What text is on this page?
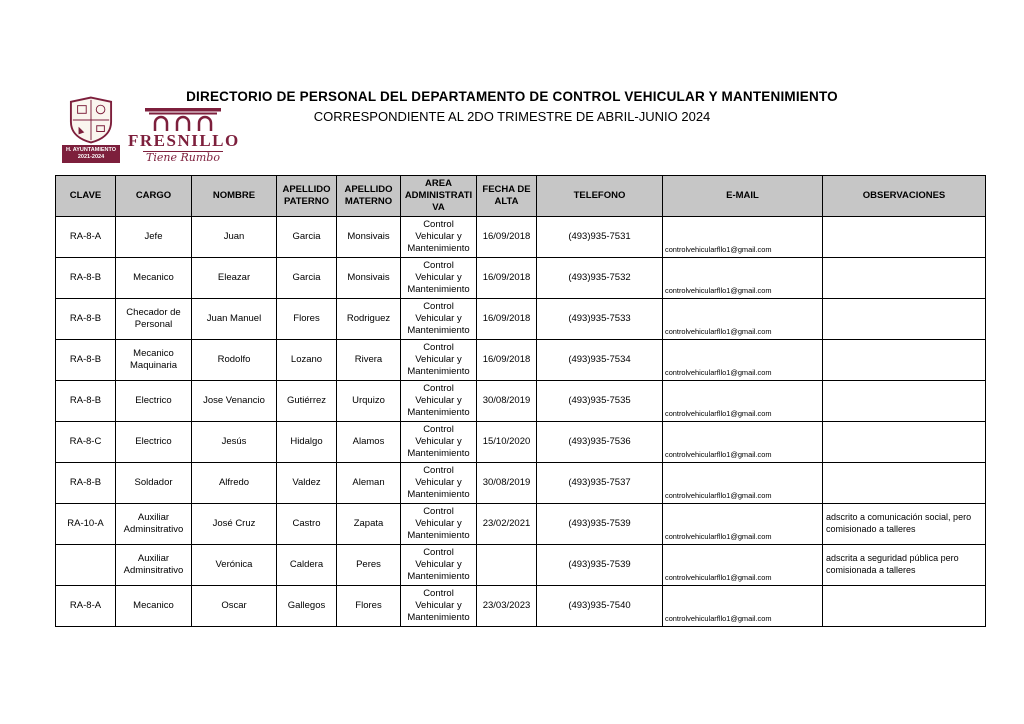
H. AYUNTAMIENTO
2021-2024
FRESNILLO
Tiene Rumbo
DIRECTORIO DE PERSONAL DEL DEPARTAMENTO DE CONTROL VEHICULAR Y MANTENIMIENTO
CORRESPONDIENTE AL 2DO TRIMESTRE DE ABRIL-JUNIO 2024
CLAVE	CARGO	NOMBRE	APELLIDO PATERNO	APELLIDO MATERNO	AREA ADMINISTRATIVA	FECHA DE ALTA	TELEFONO	E-MAIL	OBSERVACIONES
RA-8-A	Jefe	Juan	Garcia	Monsivais	Control Vehicular y Mantenimiento	16/09/2018	(493)935-7531	controlvehicularfllo1@gmail.com	
RA-8-B	Mecanico	Eleazar	Garcia	Monsivais	Control Vehicular y Mantenimiento	16/09/2018	(493)935-7532	controlvehicularfllo1@gmail.com	
RA-8-B	Checador de Personal	Juan Manuel	Flores	Rodriguez	Control Vehicular y Mantenimiento	16/09/2018	(493)935-7533	controlvehicularfllo1@gmail.com	
RA-8-B	Mecanico Maquinaria	Rodolfo	Lozano	Rivera	Control Vehicular y Mantenimiento	16/09/2018	(493)935-7534	controlvehicularfllo1@gmail.com	
RA-8-B	Electrico	Jose Venancio	Gutiérrez	Urquizo	Control Vehicular y Mantenimiento	30/08/2019	(493)935-7535	controlvehicularfllo1@gmail.com	
RA-8-C	Electrico	Jesús	Hidalgo	Alamos	Control Vehicular y Mantenimiento	15/10/2020	(493)935-7536	controlvehicularfllo1@gmail.com	
RA-8-B	Soldador	Alfredo	Valdez	Aleman	Control Vehicular y Mantenimiento	30/08/2019	(493)935-7537	controlvehicularfllo1@gmail.com	
RA-10-A	Auxiliar Adminsitrativo	José Cruz	Castro	Zapata	Control Vehicular y Mantenimiento	23/02/2021	(493)935-7539	controlvehicularfllo1@gmail.com	adscrito a comunicación social, pero comisionado a talleres
	Auxiliar Adminsitrativo	Verónica	Caldera	Peres	Control Vehicular y Mantenimiento		(493)935-7539	controlvehicularfllo1@gmail.com	adscrita a seguridad pública pero comisionada a talleres
RA-8-A	Mecanico	Oscar	Gallegos	Flores	Control Vehicular y Mantenimiento	23/03/2023	(493)935-7540	controlvehicularfllo1@gmail.com	
